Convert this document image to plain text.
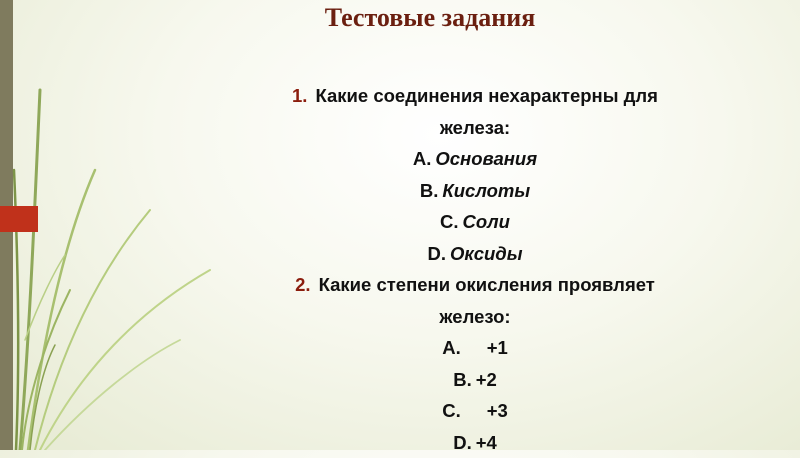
Тестовые задания
1. Какие соединения нехарактерны для
железа:
A. Основания
B. Кислоты
C. Соли
D. Оксиды
2. Какие степени окисления проявляет
железо:
A. +1
B. +2
C. +3
D. +4
